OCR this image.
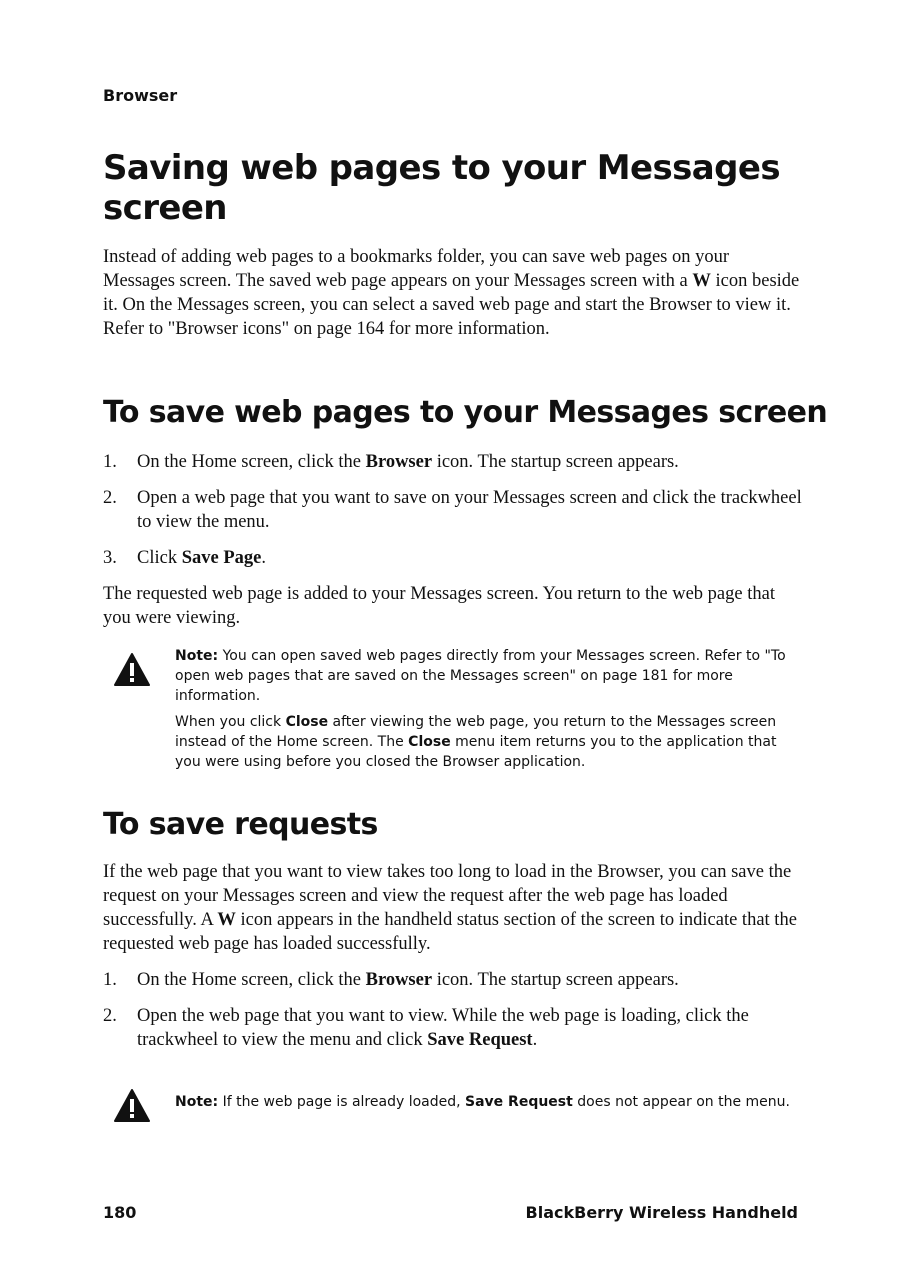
Browser

Saving web pages to your Messages screen

Instead of adding web pages to a bookmarks folder, you can save web pages on your Messages screen. The saved web page appears on your Messages screen with a W icon beside it. On the Messages screen, you can select a saved web page and start the Browser to view it. Refer to "Browser icons" on page 164 for more information.

To save web pages to your Messages screen
1. On the Home screen, click the Browser icon. The startup screen appears.
2. Open a web page that you want to save on your Messages screen and click the trackwheel to view the menu.
3. Click Save Page.

The requested web page is added to your Messages screen. You return to the web page that you were viewing.

Note: You can open saved web pages directly from your Messages screen. Refer to "To open web pages that are saved on the Messages screen" on page 181 for more information.

When you click Close after viewing the web page, you return to the Messages screen instead of the Home screen. The Close menu item returns you to the application that you were using before you closed the Browser application.

To save requests

If the web page that you want to view takes too long to load in the Browser, you can save the request on your Messages screen and view the request after the web page has loaded successfully. A W icon appears in the handheld status section of the screen to indicate that the requested web page has loaded successfully.

1. On the Home screen, click the Browser icon. The startup screen appears.
2. Open the web page that you want to view. While the web page is loading, click the trackwheel to view the menu and click Save Request.

Note: If the web page is already loaded, Save Request does not appear on the menu.

180	BlackBerry Wireless Handheld
